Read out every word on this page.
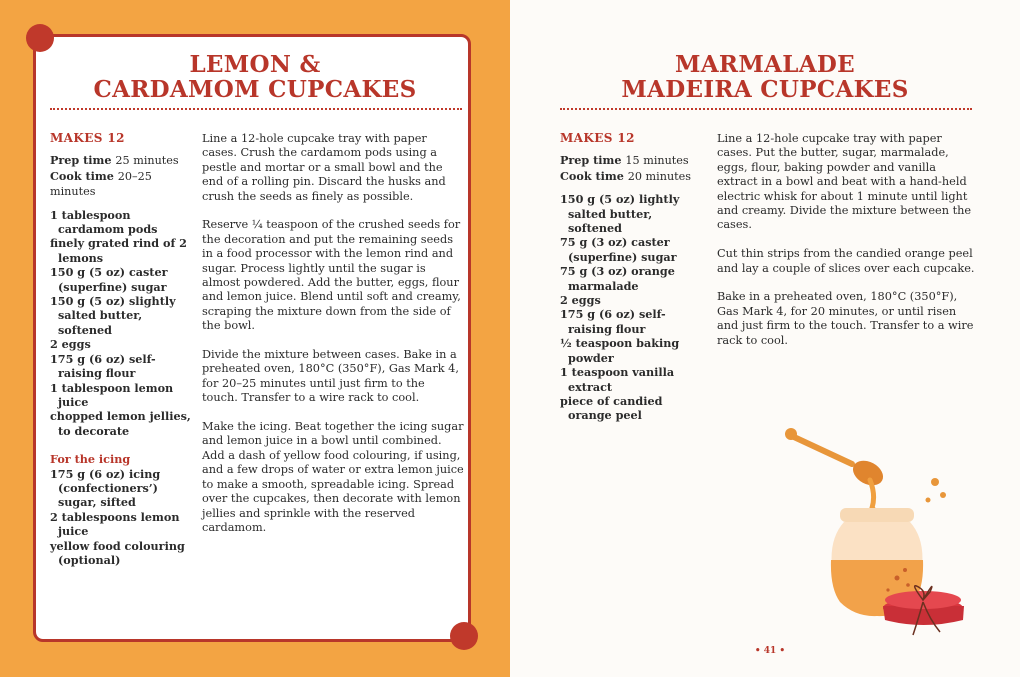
LEMON &
CARDAMOM CUPCAKES
MAKES 12
Prep time 25 minutes
Cook time 20–25 minutes
1 tablespoon cardamom pods
finely grated rind of 2 lemons
150 g (5 oz) caster (superfine) sugar
150 g (5 oz) slightly salted butter, softened
2 eggs
175 g (6 oz) self-raising flour
1 tablespoon lemon juice
chopped lemon jellies, to decorate
For the icing
175 g (6 oz) icing (confectioners’) sugar, sifted
2 tablespoons lemon juice
yellow food colouring (optional)

Line a 12-hole cupcake tray with paper cases. Crush the cardamom pods using a pestle and mortar or a small bowl and the end of a rolling pin. Discard the husks and crush the seeds as finely as possible.

Reserve ¼ teaspoon of the crushed seeds for the decoration and put the remaining seeds in a food processor with the lemon rind and sugar. Process lightly until the sugar is almost powdered. Add the butter, eggs, flour and lemon juice. Blend until soft and creamy, scraping the mixture down from the side of the bowl.

Divide the mixture between cases. Bake in a preheated oven, 180°C (350°F), Gas Mark 4, for 20–25 minutes until just firm to the touch. Transfer to a wire rack to cool.

Make the icing. Beat together the icing sugar and lemon juice in a bowl until combined. Add a dash of yellow food colouring, if using, and a few drops of water or extra lemon juice to make a smooth, spreadable icing. Spread over the cupcakes, then decorate with lemon jellies and sprinkle with the reserved cardamom.

MARMALADE
MADEIRA CUPCAKES
MAKES 12
Prep time 15 minutes
Cook time 20 minutes
150 g (5 oz) lightly salted butter, softened
75 g (3 oz) caster (superfine) sugar
75 g (3 oz) orange marmalade
2 eggs
175 g (6 oz) self-raising flour
½ teaspoon baking powder
1 teaspoon vanilla extract
piece of candied orange peel

Line a 12-hole cupcake tray with paper cases. Put the butter, sugar, marmalade, eggs, flour, baking powder and vanilla extract in a bowl and beat with a hand-held electric whisk for about 1 minute until light and creamy. Divide the mixture between the cases.

Cut thin strips from the candied orange peel and lay a couple of slices over each cupcake.

Bake in a preheated oven, 180°C (350°F), Gas Mark 4, for 20 minutes, or until risen and just firm to the touch. Transfer to a wire rack to cool.

• 41 •
